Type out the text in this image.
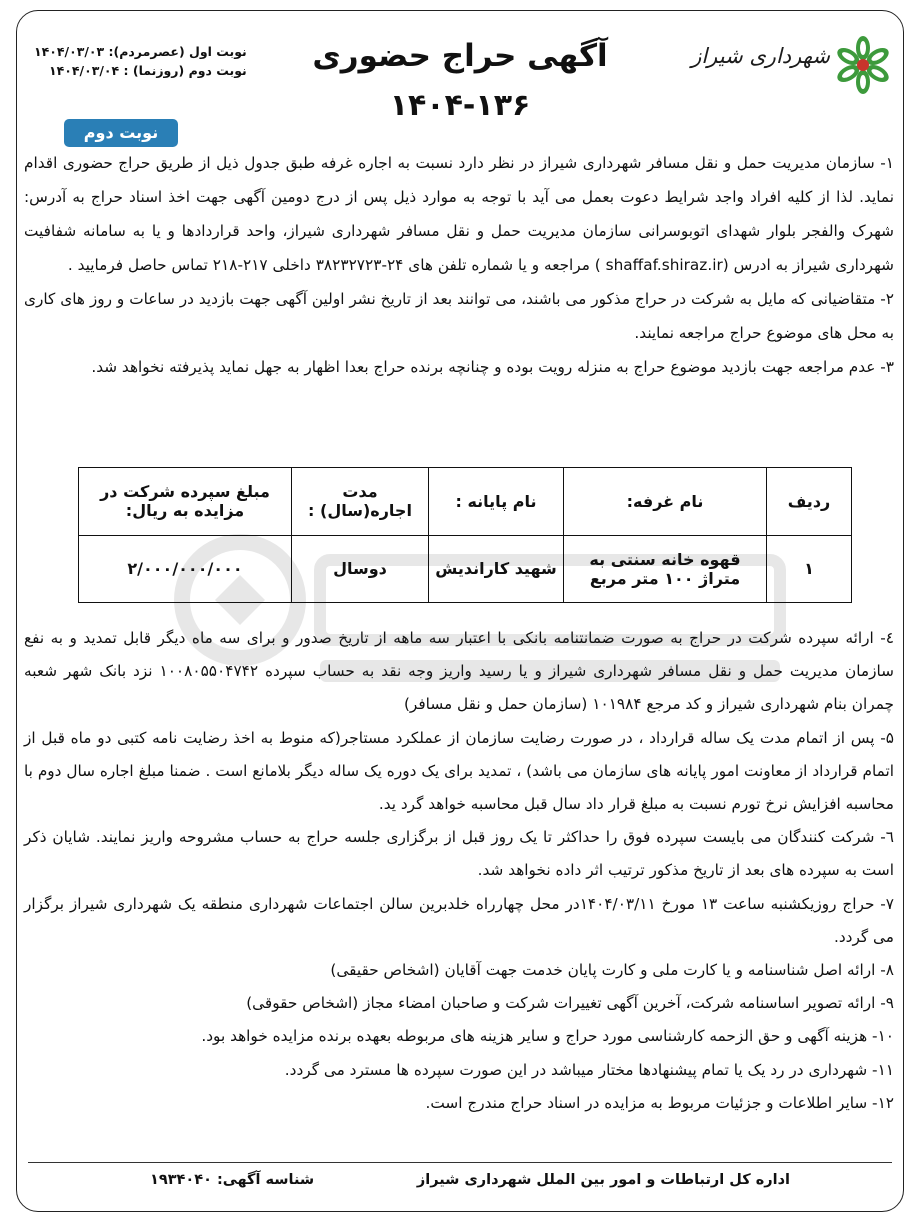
شهرداری شیراز
آگهی حراج حضوری
۱۴۰۴-۱۳۶
نوبت اول (عصرمردم): ۱۴۰۴/۰۳/۰۳
نوبت دوم (روزنما) : ۱۴۰۴/۰۳/۰۴
نوبت دوم

۱- سازمان مدیریت حمل و نقل مسافر شهرداری شیراز در نظر دارد نسبت به اجاره غرفه طبق جدول ذیل از طریق حراج حضوری اقدام نماید. لذا از کلیه افراد واجد شرایط دعوت بعمل می آید با توجه به موارد ذیل پس از درج دومین آگهی جهت اخذ اسناد حراج به آدرس: شهرک والفجر بلوار شهدای اتوبوسرانی سازمان مدیریت حمل و نقل مسافر شهرداری شیراز، واحد قراردادها و یا به سامانه شفافیت شهرداری شیراز به ادرس (shaffaf.shiraz.ir ) مراجعه و یا شماره تلفن های ۲۴-۳۸۲۳۲۷۲۳ داخلی ۲۱۷-۲۱۸ تماس حاصل فرمایید .

۲- متقاضیانی که مایل به شرکت در حراج مذکور می باشند، می توانند بعد از تاریخ نشر اولین آگهی جهت بازدید در ساعات و روز های کاری به محل های موضوع حراج مراجعه نمایند.

۳- عدم مراجعه جهت بازدید موضوع حراج به منزله رویت بوده و چنانچه برنده حراج بعدا اظهار به جهل نماید پذیرفته نخواهد شد.

ردیف	نام غرفه:	نام پایانه :	مدت اجاره(سال) :	مبلغ سپرده شرکت در مزایده به ریال:
۱	قهوه خانه سنتی به متراژ ۱۰۰ متر مربع	شهید کاراندیش	دوسال	۲/۰۰۰/۰۰۰/۰۰۰

٤- ارائه سپرده شرکت در حراج به صورت ضمانتنامه بانکی با اعتبار سه ماهه از تاریخ صدور و برای سه ماه دیگر قابل تمدید و به نفع سازمان مدیریت حمل و نقل مسافر شهرداری شیراز و یا رسید واریز وجه نقد به حساب سپرده ۱۰۰۸۰۵۵۰۴۷۴۲ نزد بانک شهر شعبه چمران بنام شهرداری شیراز و کد مرجع ۱۰۱۹۸۴ (سازمان حمل و نقل مسافر)

۵- پس از اتمام مدت یک ساله قرارداد ، در صورت رضایت سازمان از عملکرد مستاجر(که منوط به اخذ رضایت نامه کتبی دو ماه قبل از اتمام قرارداد از معاونت امور پایانه های سازمان می باشد) ، تمدید برای یک دوره یک ساله دیگر بلامانع است . ضمنا مبلغ اجاره سال دوم با محاسبه افزایش نرخ تورم نسبت به مبلغ قرار داد سال قبل محاسبه خواهد گرد ید.

٦- شرکت کنندگان می بایست سپرده فوق را حداکثر تا یک روز قبل از برگزاری جلسه حراج به حساب مشروحه واریز نمایند. شایان ذکر است به سپرده های بعد از تاریخ مذکور ترتیب اثر داده نخواهد شد.

۷- حراج روزیکشنبه ساعت ۱۳ مورخ ۱۴۰۴/۰۳/۱۱در محل چهارراه خلدبرین سالن اجتماعات شهرداری منطقه یک شهرداری شیراز برگزار می گردد.

۸- ارائه اصل شناسنامه و یا کارت ملی و کارت پایان خدمت جهت آقایان (اشخاص حقیقی)

۹- ارائه تصویر اساسنامه شرکت، آخرین آگهی تغییرات شرکت و صاحبان امضاء مجاز (اشخاص حقوقی)

۱۰- هزینه آگهی و حق الزحمه کارشناسی مورد حراج و سایر هزینه های مربوطه بعهده برنده مزایده خواهد بود.

۱۱- شهرداری در رد یک یا تمام پیشنهادها مختار میباشد در این صورت سپرده ها مسترد می گردد.

۱۲- سایر اطلاعات و جزئیات مربوط به مزایده در اسناد حراج مندرج است.

اداره کل ارتباطات و امور بین الملل شهرداری شیراز
شناسه آگهی: ۱۹۳۴۰۴۰
